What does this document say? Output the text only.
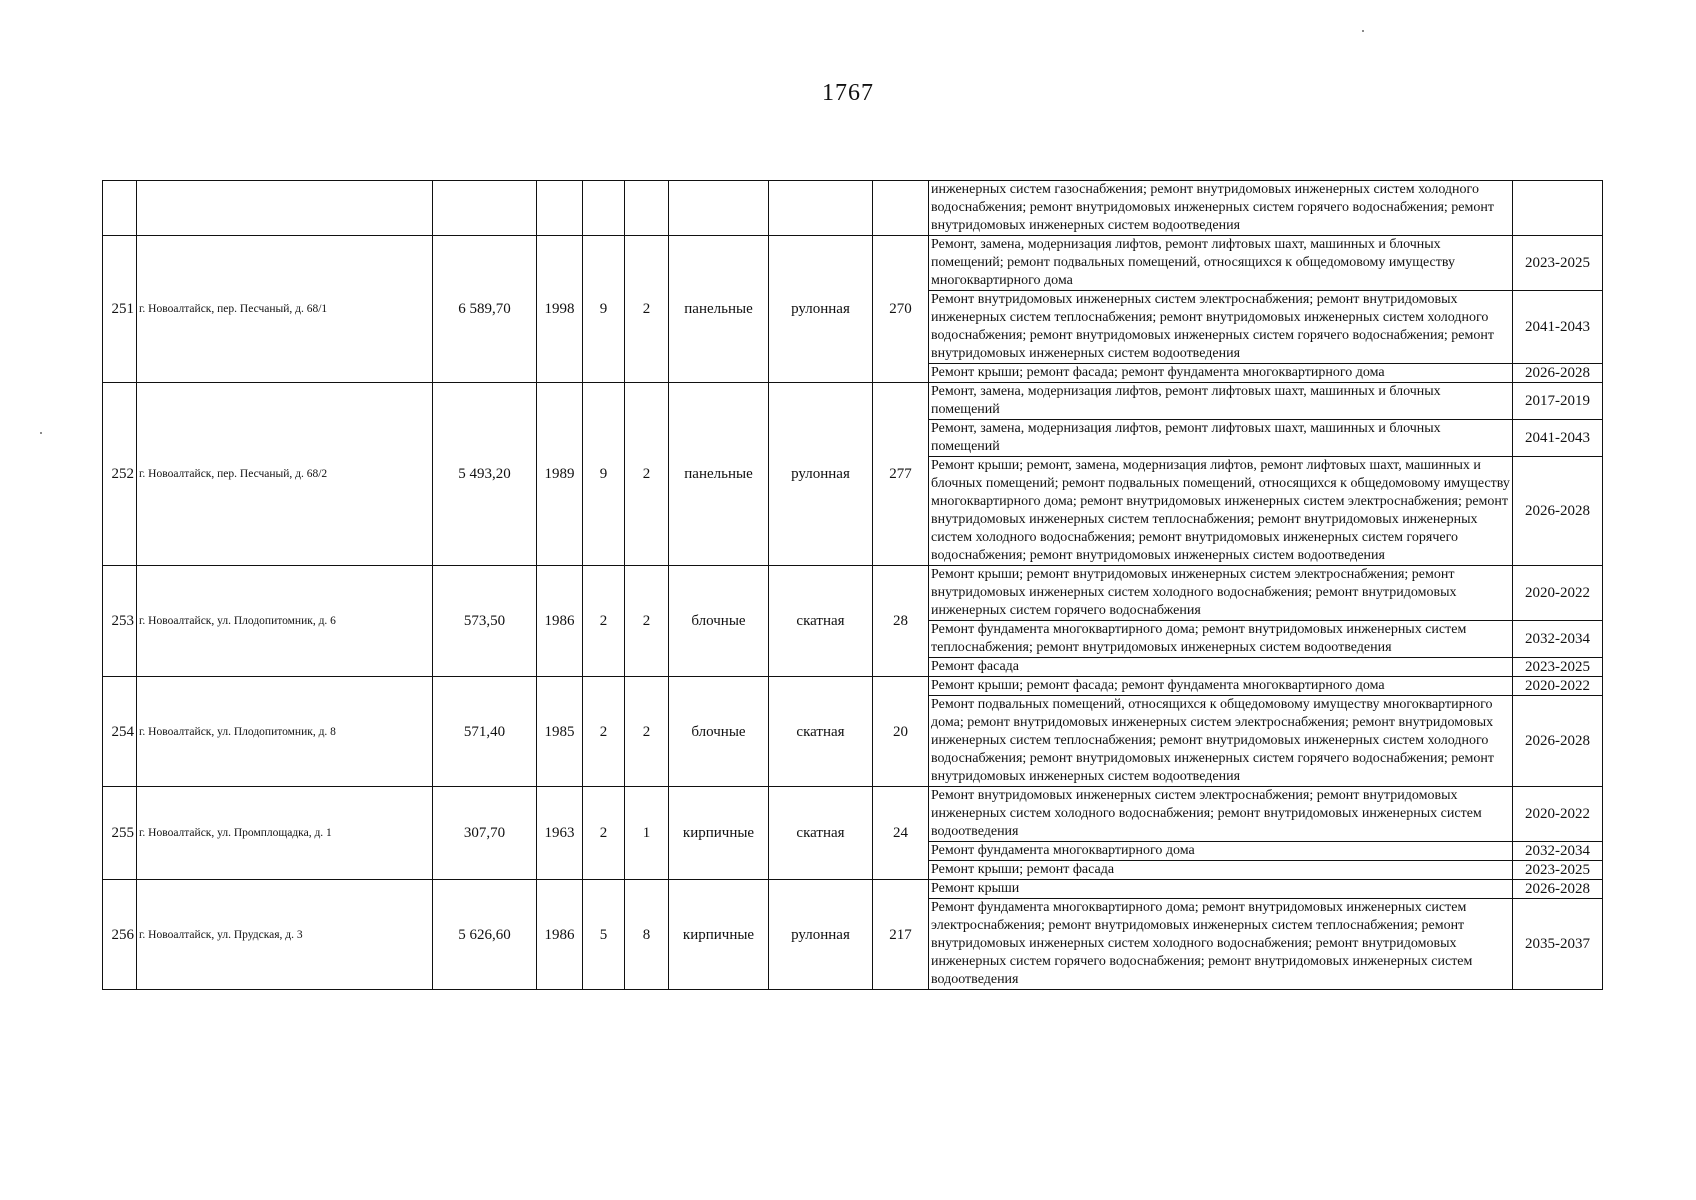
1767
									инженерных систем газоснабжения; ремонт внутридомовых инженерных систем холодного водоснабжения; ремонт внутридомовых инженерных систем горячего водоснабжения; ремонт внутридомовых инженерных систем водоотведения	
251	г. Новоалтайск, пер. Песчаный, д. 68/1	6 589,70	1998	9	2	панельные	рулонная	270	Ремонт, замена, модернизация лифтов, ремонт лифтовых шахт, машинных и блочных помещений; ремонт подвальных помещений, относящихся к общедомовому имуществу многоквартирного дома	2023-2025
									Ремонт внутридомовых инженерных систем электроснабжения; ремонт внутридомовых инженерных систем теплоснабжения; ремонт внутридомовых инженерных систем холодного водоснабжения; ремонт внутридомовых инженерных систем горячего водоснабжения; ремонт внутридомовых инженерных систем водоотведения	2041-2043
									Ремонт крыши; ремонт фасада; ремонт фундамента многоквартирного дома	2026-2028
252	г. Новоалтайск, пер. Песчаный, д. 68/2	5 493,20	1989	9	2	панельные	рулонная	277	Ремонт, замена, модернизация лифтов, ремонт лифтовых шахт, машинных и блочных помещений	2017-2019
									Ремонт, замена, модернизация лифтов, ремонт лифтовых шахт, машинных и блочных помещений	2041-2043
									Ремонт крыши; ремонт, замена, модернизация лифтов, ремонт лифтовых шахт, машинных и блочных помещений; ремонт подвальных помещений, относящихся к общедомовому имуществу многоквартирного дома; ремонт внутридомовых инженерных систем электроснабжения; ремонт внутридомовых инженерных систем теплоснабжения; ремонт внутридомовых инженерных систем холодного водоснабжения; ремонт внутридомовых инженерных систем горячего водоснабжения; ремонт внутридомовых инженерных систем водоотведения	2026-2028
253	г. Новоалтайск, ул. Плодопитомник, д. 6	573,50	1986	2	2	блочные	скатная	28	Ремонт крыши; ремонт внутридомовых инженерных систем электроснабжения; ремонт внутридомовых инженерных систем холодного водоснабжения; ремонт внутридомовых инженерных систем горячего водоснабжения	2020-2022
									Ремонт фундамента многоквартирного дома; ремонт внутридомовых инженерных систем теплоснабжения; ремонт внутридомовых инженерных систем водоотведения	2032-2034
									Ремонт фасада	2023-2025
254	г. Новоалтайск, ул. Плодопитомник, д. 8	571,40	1985	2	2	блочные	скатная	20	Ремонт крыши; ремонт фасада; ремонт фундамента многоквартирного дома	2020-2022
									Ремонт подвальных помещений, относящихся к общедомовому имуществу многоквартирного дома; ремонт внутридомовых инженерных систем электроснабжения; ремонт внутридомовых инженерных систем теплоснабжения; ремонт внутридомовых инженерных систем холодного водоснабжения; ремонт внутридомовых инженерных систем горячего водоснабжения; ремонт внутридомовых инженерных систем водоотведения	2026-2028
255	г. Новоалтайск, ул. Промплощадка, д. 1	307,70	1963	2	1	кирпичные	скатная	24	Ремонт внутридомовых инженерных систем электроснабжения; ремонт внутридомовых инженерных систем холодного водоснабжения; ремонт внутридомовых инженерных систем водоотведения	2020-2022
									Ремонт фундамента многоквартирного дома	2032-2034
									Ремонт крыши; ремонт фасада	2023-2025
256	г. Новоалтайск, ул. Прудская, д. 3	5 626,60	1986	5	8	кирпичные	рулонная	217	Ремонт крыши	2026-2028
									Ремонт фундамента многоквартирного дома; ремонт внутридомовых инженерных систем электроснабжения; ремонт внутридомовых инженерных систем теплоснабжения; ремонт внутридомовых инженерных систем холодного водоснабжения; ремонт внутридомовых инженерных систем горячего водоснабжения; ремонт внутридомовых инженерных систем водоотведения	2035-2037
